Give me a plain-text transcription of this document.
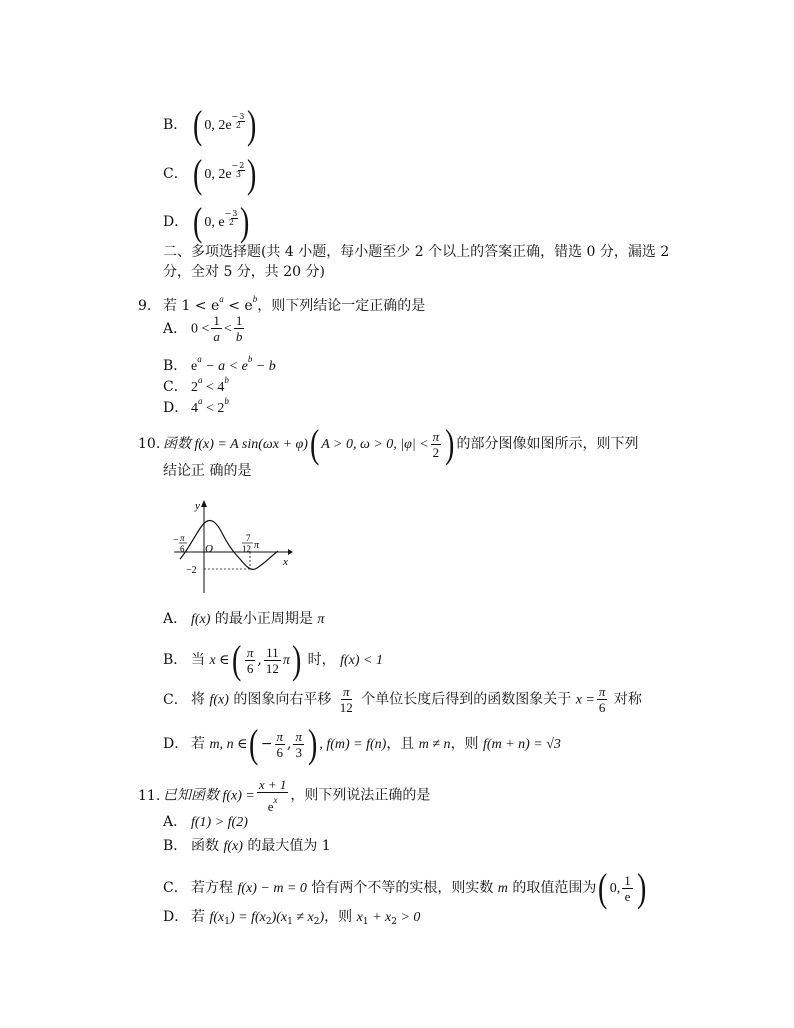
B． ( 0, 2e
−3
2 )
C． ( 0, 2e
−2
3 )
D． ( 0, e
−3
2 )
二、多项选择题(共 4 小题，每小题至少 2 个以上的答案正确，错选 0 分，漏选 2
分，全对 5 分，共 20 分)
9. 若 $1 < e^a < e^b$，则下列结论一定正确的是
A． $0 < \frac{1}{a} < \frac{1}{b}$
B． $e^a - a < e^b - b$
C． $2^a < 4^b$
D． $4^a < 2^b$
10. 函数 f(x) = A sin(ωx + φ)( A > 0, ω > 0, $|\varphi| < \frac{\pi}{2}$ ) 的部分图像如图所示，则下列
结论正 确的是
y
x
O
− π
6
7
12 π
−2
A． f(x) 的最小正周期是 π
B． 当 x ∈( $\frac{\pi}{6}$ , $\frac{11}{12} \pi$) 时， f(x) < 1
C． 将 f(x) 的图象向右平移 $\frac{\pi}{12}$ 个单位长度后得到的函数图象关于 $x = \frac{\pi}{6}$ 对称
D． 若 m, n ∈( − $\frac{\pi}{6}$ , $\frac{\pi}{3}$ ) , f(m) = f(n)，且 m ≠ n，则 f(m + n) = √3
11. 已知函数 $f(x) = \frac{x + 1}{e^x}$ ，则下列说法正确的是
A． f(1) > f(2)
B． 函数 f(x) 的最大值为 1
C． 若方程 f(x) − m = 0 恰有两个不等的实根，则实数 m 的取值范围为( 0, $\frac{1}{e}$ )
D． 若 $f(x_1) = f(x_2)(x_1 \ne x_2)$，则 $x_1 + x_2 > 0$
